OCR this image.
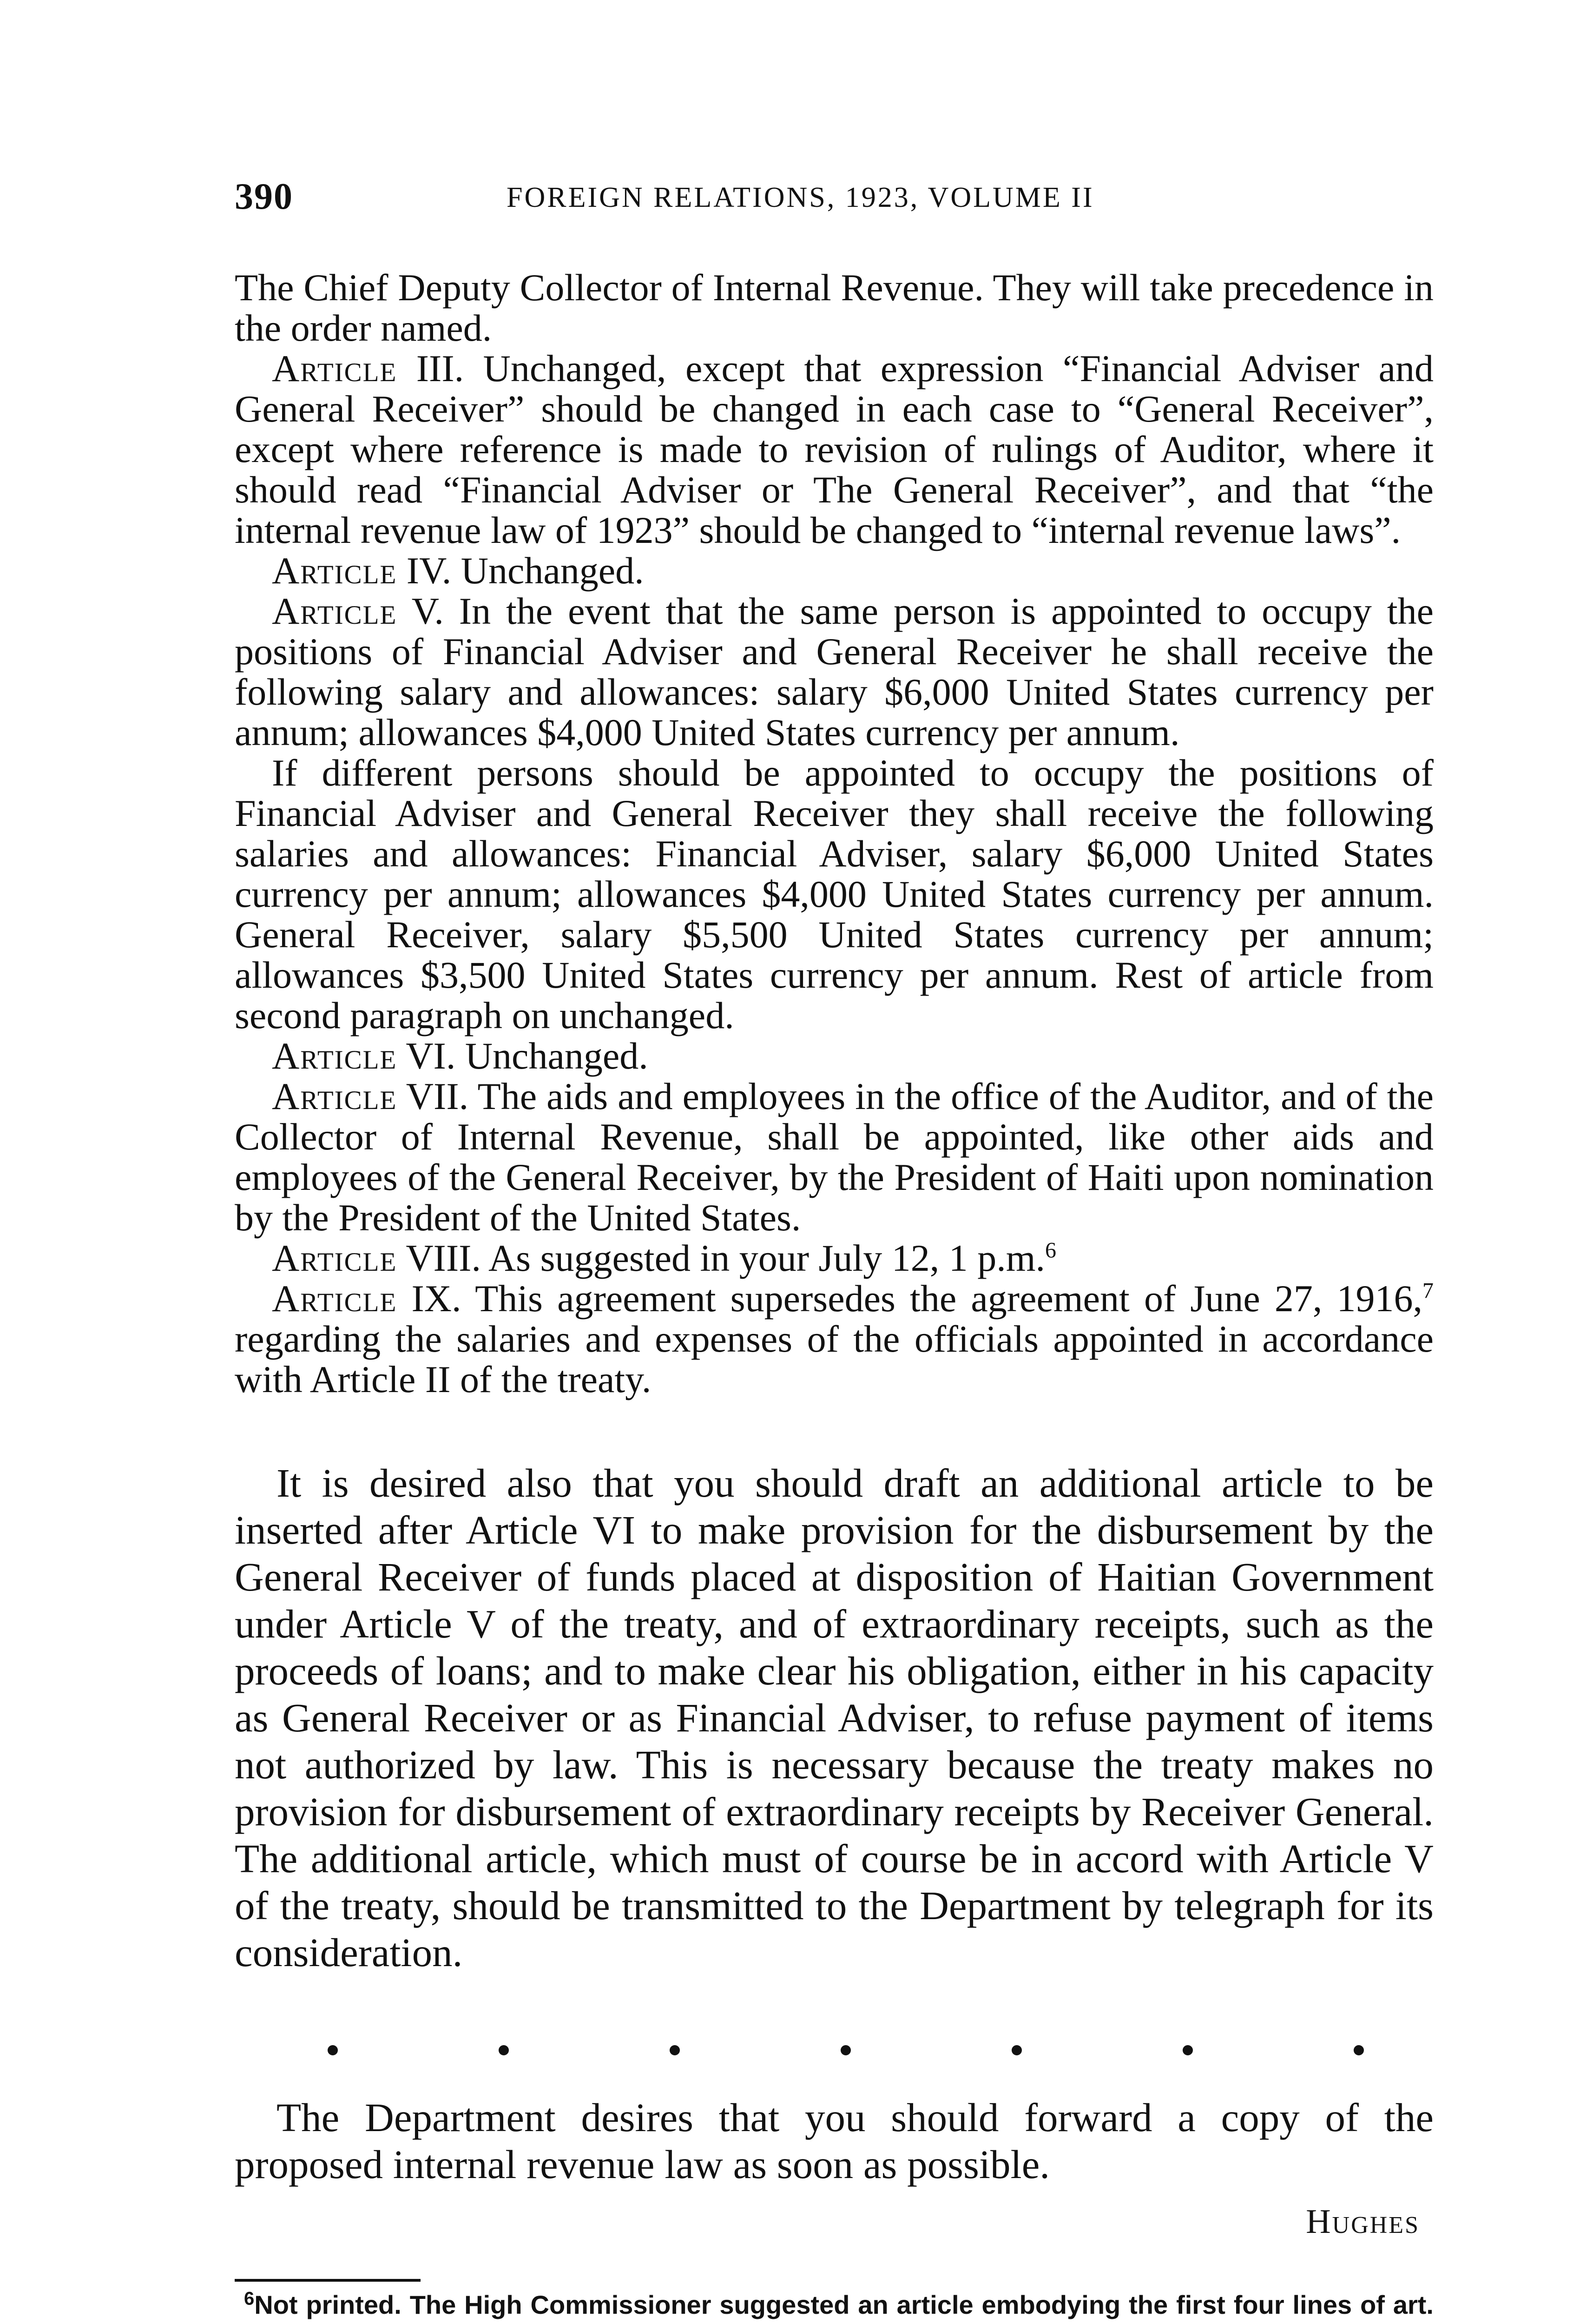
390	FOREIGN RELATIONS, 1923, VOLUME II

The Chief Deputy Collector of Internal Revenue. They will take precedence in the order named.

Article III. Unchanged, except that expression “Financial Adviser and General Receiver” should be changed in each case to “General Receiver”, except where reference is made to revision of rulings of Auditor, where it should read “Financial Adviser or The General Receiver”, and that “the internal revenue law of 1923” should be changed to “internal revenue laws”.

Article IV. Unchanged.

Article V. In the event that the same person is appointed to occupy the positions of Financial Adviser and General Receiver he shall receive the following salary and allowances: salary $6,000 United States currency per annum; allowances $4,000 United States currency per annum.

If different persons should be appointed to occupy the positions of Financial Adviser and General Receiver they shall receive the following salaries and allowances: Financial Adviser, salary $6,000 United States currency per annum; allowances $4,000 United States currency per annum. General Receiver, salary $5,500 United States currency per annum; allowances $3,500 United States currency per annum. Rest of article from second paragraph on unchanged.

Article VI. Unchanged.

Article VII. The aids and employees in the office of the Auditor, and of the Collector of Internal Revenue, shall be appointed, like other aids and employees of the General Receiver, by the President of Haiti upon nomination by the President of the United States.

Article VIII. As suggested in your July 12, 1 p.m.$^6$

Article IX. This agreement supersedes the agreement of June 27, 1916,$^7$ regarding the salaries and expenses of the officials appointed in accordance with Article II of the treaty.

It is desired also that you should draft an additional article to be inserted after Article VI to make provision for the disbursement by the General Receiver of funds placed at disposition of Haitian Government under Article V of the treaty, and of extraordinary receipts, such as the proceeds of loans; and to make clear his obligation, either in his capacity as General Receiver or as Financial Adviser, to refuse payment of items not authorized by law. This is necessary because the treaty makes no provision for disbursement of extraordinary receipts by Receiver General. The additional article, which must of course be in accord with Article V of the treaty, should be transmitted to the Department by telegraph for its consideration.

The Department desires that you should forward a copy of the proposed internal revenue law as soon as possible.

Hughes

$^6$Not printed. The High Commissioner suggested an article embodying the first four lines of art.
